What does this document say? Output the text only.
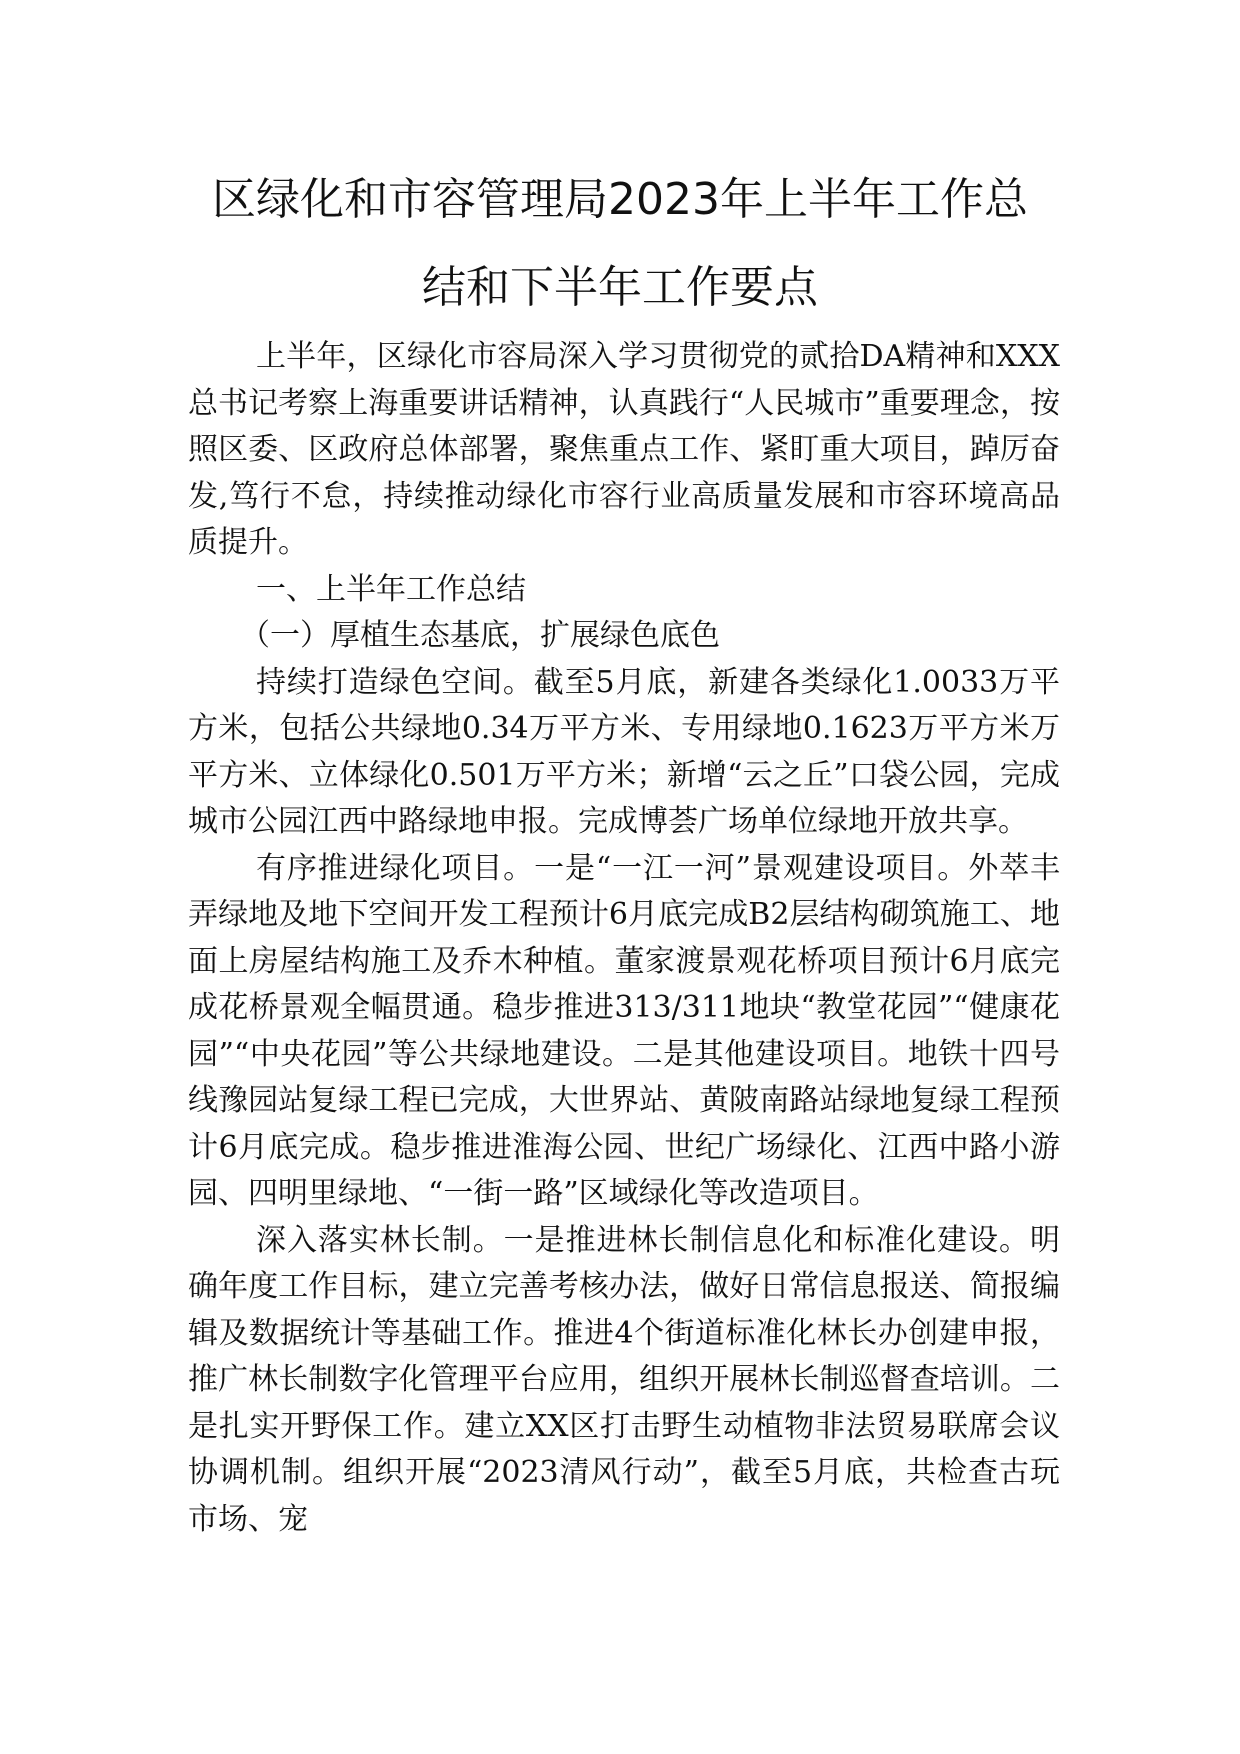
区绿化和市容管理局2023年上半年工作总
结和下半年工作要点

上半年，区绿化市容局深入学习贯彻党的贰拾DA精神和XXX总书记考察上海重要讲话精神，认真践行“人民城市”重要理念，按照区委、区政府总体部署，聚焦重点工作、紧盯重大项目，踔厉奋发,笃行不怠，持续推动绿化市容行业高质量发展和市容环境高品质提升。

一、上半年工作总结

（一）厚植生态基底，扩展绿色底色

持续打造绿色空间。截至5月底，新建各类绿化1.0033万平方米，包括公共绿地0.34万平方米、专用绿地0.1623万平方米万平方米、立体绿化0.501万平方米；新增“云之丘”口袋公园，完成城市公园江西中路绿地申报。完成博荟广场单位绿地开放共享。

有序推进绿化项目。一是“一江一河”景观建设项目。外萃丰弄绿地及地下空间开发工程预计6月底完成B2层结构砌筑施工、地面上房屋结构施工及乔木种植。董家渡景观花桥项目预计6月底完成花桥景观全幅贯通。稳步推进313/311地块“教堂花园”“健康花园”“中央花园”等公共绿地建设。二是其他建设项目。地铁十四号线豫园站复绿工程已完成，大世界站、黄陂南路站绿地复绿工程预计6月底完成。稳步推进淮海公园、世纪广场绿化、江西中路小游园、四明里绿地、“一街一路”区域绿化等改造项目。

深入落实林长制。一是推进林长制信息化和标准化建设。明确年度工作目标，建立完善考核办法，做好日常信息报送、简报编辑及数据统计等基础工作。推进4个街道标准化林长办创建申报，推广林长制数字化管理平台应用，组织开展林长制巡督查培训。二是扎实开野保工作。建立XX区打击野生动植物非法贸易联席会议协调机制。组织开展“2023清风行动”，截至5月底，共检查古玩市场、宠
